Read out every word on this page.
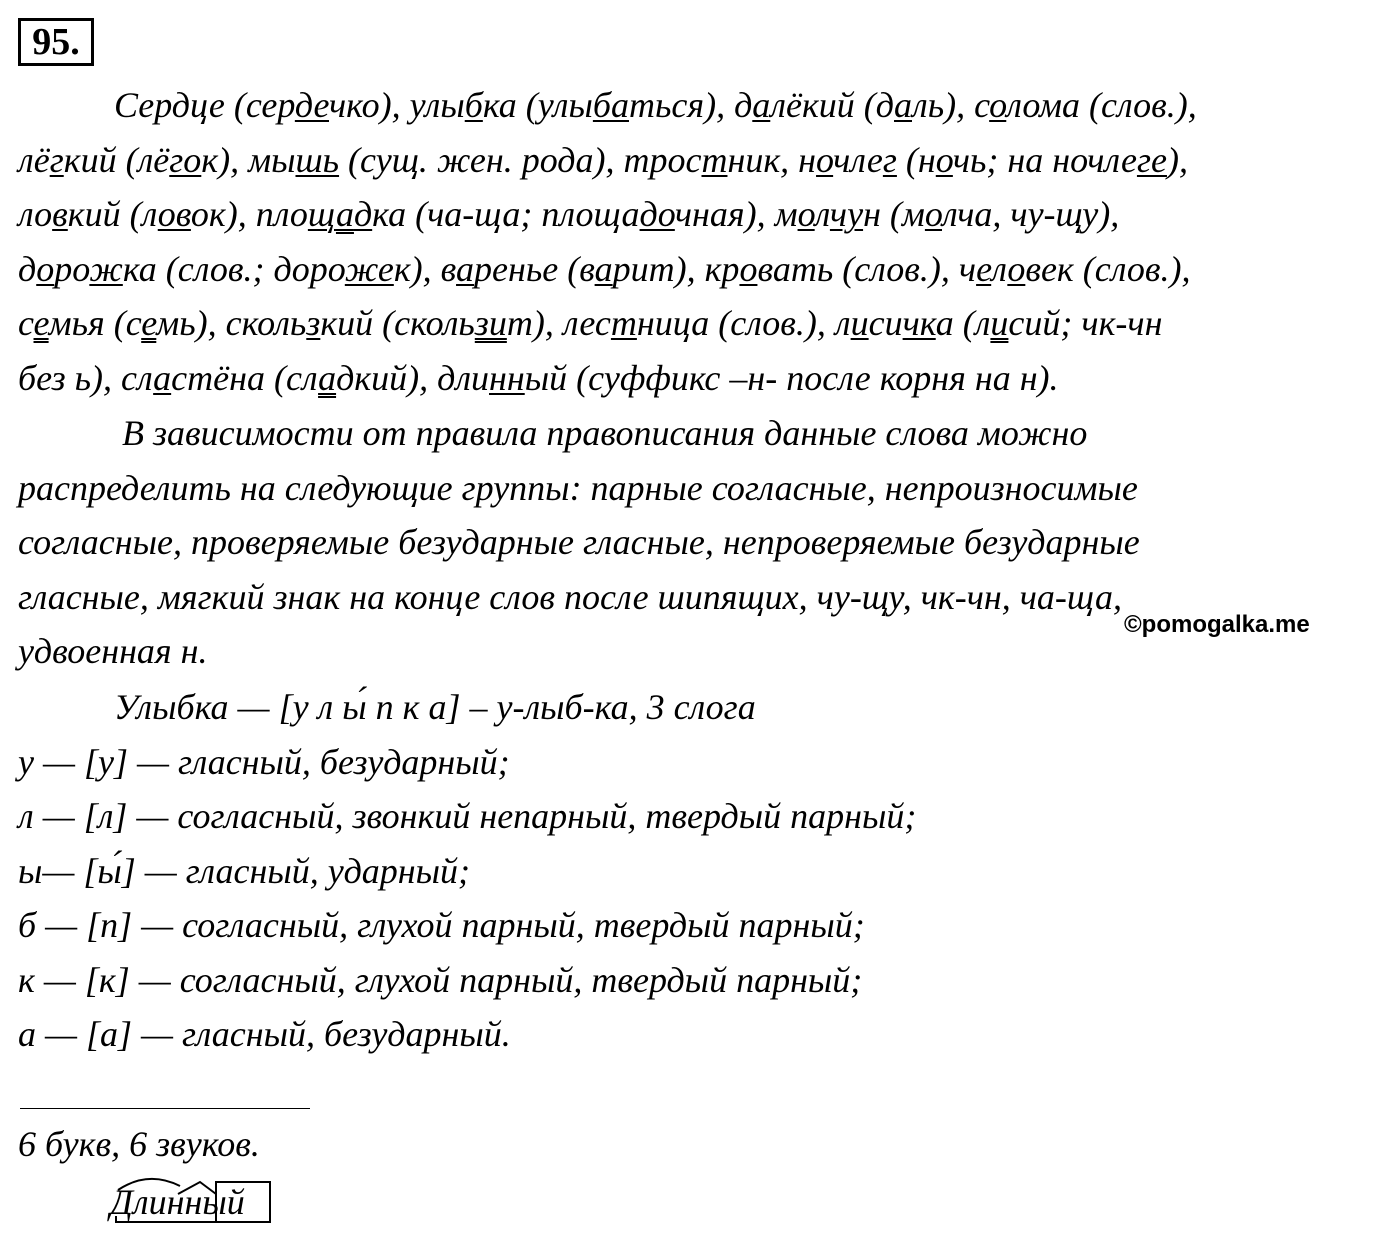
95.
Сердце (сердечко), улыбка (улыбаться), далёкий (даль), солома (слов.),
лёгкий (лёгок), мышь (сущ. жен. рода), тростник, ночлег (ночь; на ночлеге),
ловкий (ловок), площадка (ча-ща; площадочная), молчун (молча, чу-щу),
дорожка (слов.; дорожек), варенье (варит), кровать (слов.), человек (слов.),
семья (семь), скользкий (скользит), лестница (слов.), лисичка (лисий; чк-чн
без ь), сластёна (сладкий), длинный (суффикс –н- после корня на н).
В зависимости от правила правописания данные слова можно
распределить на следующие группы: парные согласные, непроизносимые
согласные, проверяемые безударные гласные, непроверяемые безударные
гласные, мягкий знак на конце слов после шипящих, чу-щу, чк-чн, ча-ща,
удвоенная н.
©pomogalka.me
Улыбка — [у л ы́ п к а] – у-лыб-ка, 3 слога
у — [у] — гласный, безударный;
л — [л] — согласный, звонкий непарный, твердый парный;
ы— [ы́] — гласный, ударный;
б — [п] — согласный, глухой парный, твердый парный;
к — [к] — согласный, глухой парный, твердый парный;
а — [а] — гласный, безударный.
6 букв, 6 звуков.
Длинный
